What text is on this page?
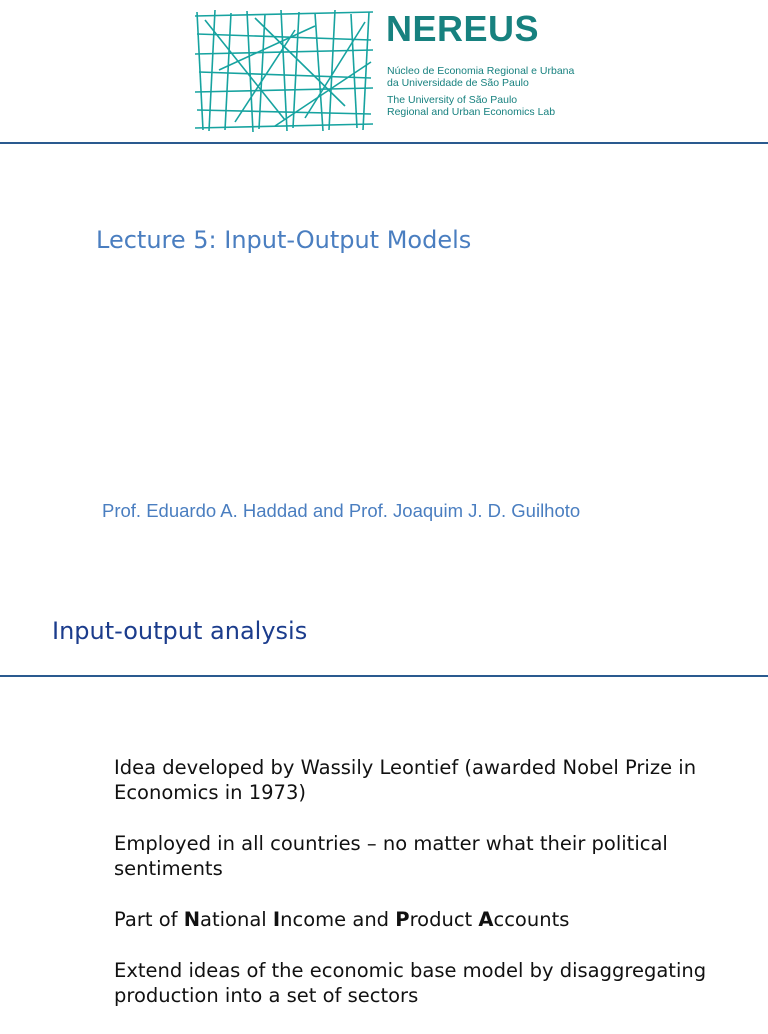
NEREUS
Núcleo de Economia Regional e Urbana
da Universidade de São Paulo
The University of São Paulo
Regional and Urban Economics Lab
Lecture 5: Input-Output Models
Prof. Eduardo A. Haddad and Prof. Joaquim J. D. Guilhoto
Input-output analysis
Idea developed by Wassily Leontief (awarded Nobel Prize in Economics in 1973)
Employed in all countries – no matter what their political sentiments
Part of National Income and Product Accounts
Extend ideas of the economic base model by disaggregating production into a set of sectors
